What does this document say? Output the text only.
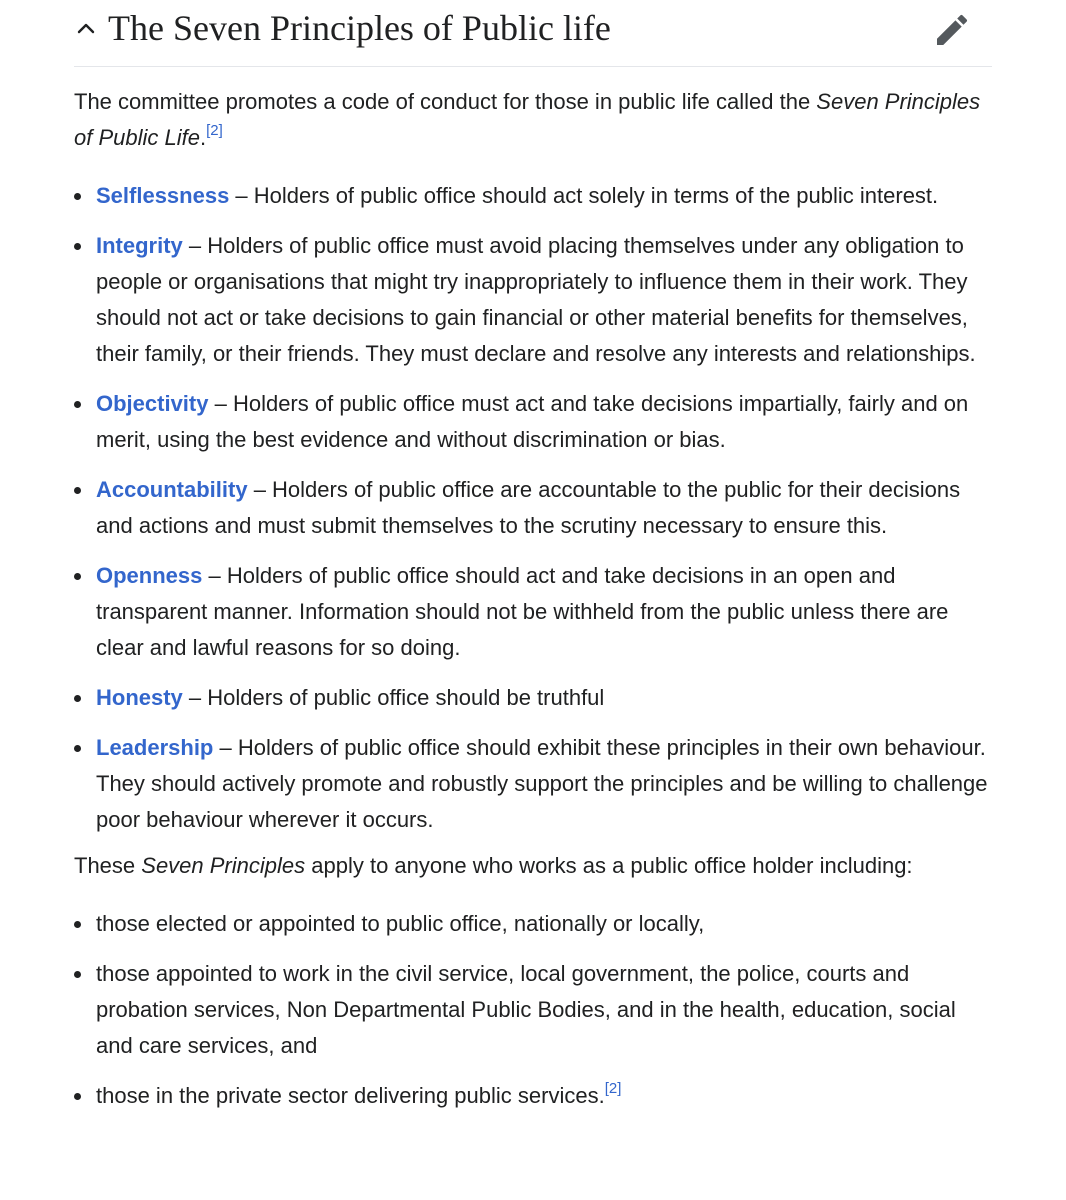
The Seven Principles of Public life

The committee promotes a code of conduct for those in public life called the Seven Principles of Public Life.[2]

Selflessness – Holders of public office should act solely in terms of the public interest.
Integrity – Holders of public office must avoid placing themselves under any obligation to people or organisations that might try inappropriately to influence them in their work. They should not act or take decisions to gain financial or other material benefits for themselves, their family, or their friends. They must declare and resolve any interests and relationships.
Objectivity – Holders of public office must act and take decisions impartially, fairly and on merit, using the best evidence and without discrimination or bias.
Accountability – Holders of public office are accountable to the public for their decisions and actions and must submit themselves to the scrutiny necessary to ensure this.
Openness – Holders of public office should act and take decisions in an open and transparent manner. Information should not be withheld from the public unless there are clear and lawful reasons for so doing.
Honesty – Holders of public office should be truthful
Leadership – Holders of public office should exhibit these principles in their own behaviour. They should actively promote and robustly support the principles and be willing to challenge poor behaviour wherever it occurs.

These Seven Principles apply to anyone who works as a public office holder including:

those elected or appointed to public office, nationally or locally,
those appointed to work in the civil service, local government, the police, courts and probation services, Non Departmental Public Bodies, and in the health, education, social and care services, and
those in the private sector delivering public services.[2]
